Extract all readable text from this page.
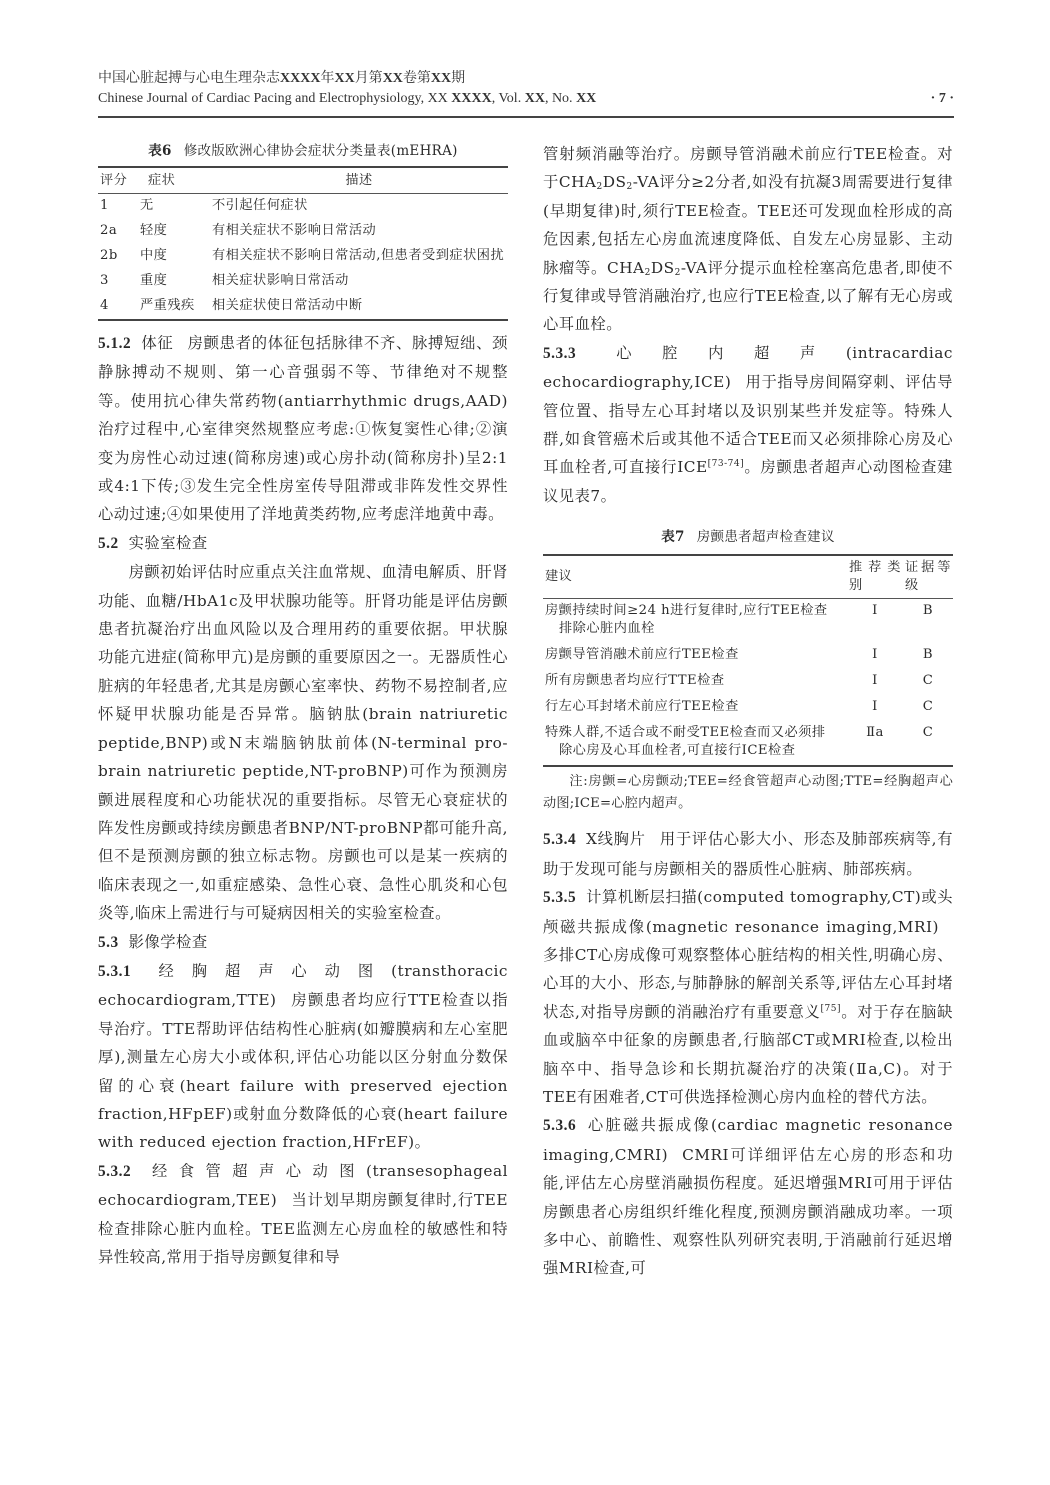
中国心脏起搏与心电生理杂志XXXX年XX月第XX卷第XX期
Chinese Journal of Cardiac Pacing and Electrophysiology, XX XXXX, Vol. XX, No. XX	· 7 ·
表6 修改版欧洲心律协会症状分类量表(mEHRA)
评分	症状	描述
1	无	不引起任何症状
2a	轻度	有相关症状不影响日常活动
2b	中度	有相关症状不影响日常活动,但患者受到症状困扰
3	重度	相关症状影响日常活动
4	严重残疾	相关症状使日常活动中断

5.1.2 体征 房颤患者的体征包括脉律不齐、脉搏短绌、颈静脉搏动不规则、第一心音强弱不等、节律绝对不规整等。使用抗心律失常药物(antiarrhythmic drugs,AAD)治疗过程中,心室律突然规整应考虑:①恢复窦性心律;②演变为房性心动过速(简称房速)或心房扑动(简称房扑)呈2:1或4:1下传;③发生完全性房室传导阻滞或非阵发性交界性心动过速;④如果使用了洋地黄类药物,应考虑洋地黄中毒。

5.2 实验室检查

房颤初始评估时应重点关注血常规、血清电解质、肝肾功能、血糖/HbA1c及甲状腺功能等。肝肾功能是评估房颤患者抗凝治疗出血风险以及合理用药的重要依据。甲状腺功能亢进症(简称甲亢)是房颤的重要原因之一。无器质性心脏病的年轻患者,尤其是房颤心室率快、药物不易控制者,应怀疑甲状腺功能是否异常。脑钠肽(brain natriuretic peptide,BNP)或N末端脑钠肽前体(N-terminal pro-brain natriuretic peptide,NT-proBNP)可作为预测房颤进展程度和心功能状况的重要指标。尽管无心衰症状的阵发性房颤或持续房颤患者BNP/NT-proBNP都可能升高,但不是预测房颤的独立标志物。房颤也可以是某一疾病的临床表现之一,如重症感染、急性心衰、急性心肌炎和心包炎等,临床上需进行与可疑病因相关的实验室检查。

5.3 影像学检查

5.3.1 经胸超声心动图(transthoracic echocardiogram,TTE) 房颤患者均应行TTE检查以指导治疗。TTE帮助评估结构性心脏病(如瓣膜病和左心室肥厚),测量左心房大小或体积,评估心功能以区分射血分数保留的心衰(heart failure with preserved ejection fraction,HFpEF)或射血分数降低的心衰(heart failure with reduced ejection fraction,HFrEF)。

5.3.2 经食管超声心动图(transesophageal echocardiogram,TEE) 当计划早期房颤复律时,行TEE检查排除心脏内血栓。TEE监测左心房血栓的敏感性和特异性较高,常用于指导房颤复律和导

管射频消融等治疗。房颤导管消融术前应行TEE检查。对于$CHA_2DS_2-VA$评分≥2分者,如没有抗凝3周需要进行复律(早期复律)时,须行TEE检查。TEE还可发现血栓形成的高危因素,包括左心房血流速度降低、自发左心房显影、主动脉瘤等。$CHA_2DS_2-VA$评分提示血栓栓塞高危患者,即使不行复律或导管消融治疗,也应行TEE检查,以了解有无心房或心耳血栓。

5.3.3 心腔内超声(intracardiac echocardiography,ICE) 用于指导房间隔穿刺、评估导管位置、指导左心耳封堵以及识别某些并发症等。特殊人群,如食管癌术后或其他不适合TEE而又必须排除心房及心耳血栓者,可直接行ICE[73-74]。房颤患者超声心动图检查建议见表7。

表7 房颤患者超声检查建议
建议	推荐类别	证据等级
房颤持续时间≥24 h进行复律时,应行TEE检查
排除心脏内血栓	Ⅰ	B
房颤导管消融术前应行TEE检查	Ⅰ	B
所有房颤患者均应行TTE检查	Ⅰ	C
行左心耳封堵术前应行TEE检查	Ⅰ	C
特殊人群,不适合或不耐受TEE检查而又必须排
除心房及心耳血栓者,可直接行ICE检查	Ⅱa	C

注:房颤=心房颤动;TEE=经食管超声心动图;TTE=经胸超声心动图;ICE=心腔内超声。

5.3.4 X线胸片 用于评估心影大小、形态及肺部疾病等,有助于发现可能与房颤相关的器质性心脏病、肺部疾病。

5.3.5 计算机断层扫描(computed tomography,CT)或头颅磁共振成像(magnetic resonance imaging,MRI)多排CT心房成像可观察整体心脏结构的相关性,明确心房、心耳的大小、形态,与肺静脉的解剖关系等,评估左心耳封堵状态,对指导房颤的消融治疗有重要意义[75]。对于存在脑缺血或脑卒中征象的房颤患者,行脑部CT或MRI检查,以检出脑卒中、指导急诊和长期抗凝治疗的决策(Ⅱa,C)。对于TEE有困难者,CT可供选择检测心房内血栓的替代方法。

5.3.6 心脏磁共振成像(cardiac magnetic resonance imaging,CMRI) CMRI可详细评估左心房的形态和功能,评估左心房壁消融损伤程度。延迟增强MRI可用于评估房颤患者心房组织纤维化程度,预测房颤消融成功率。一项多中心、前瞻性、观察性队列研究表明,于消融前行延迟增强MRI检查,可
